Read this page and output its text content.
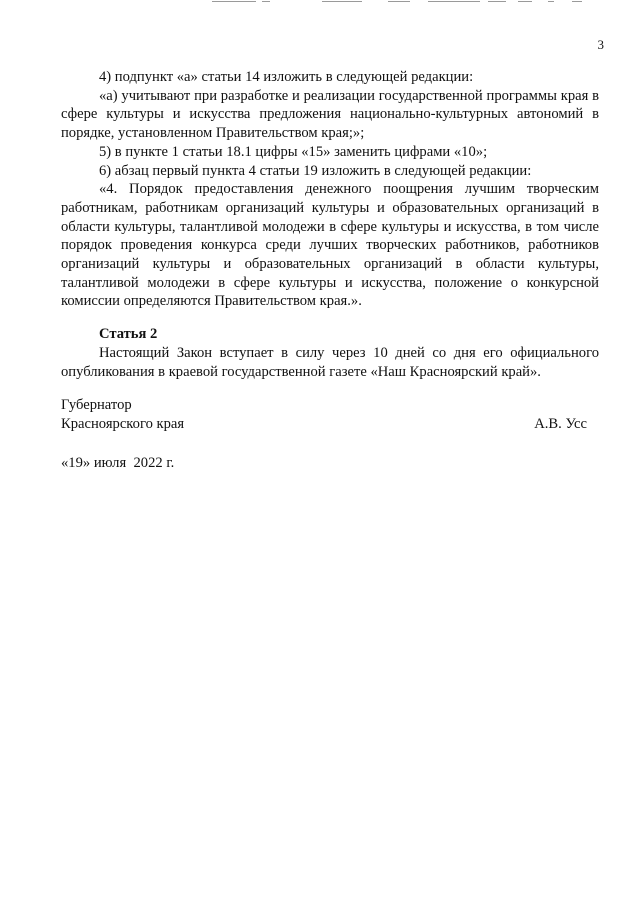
3

4) подпункт «а» статьи 14 изложить в следующей редакции:

«а) учитывают при разработке и реализации государственной программы края в сфере культуры и искусства предложения национально-культурных автономий в порядке, установленном Правительством края;»;

5) в пункте 1 статьи 18.1 цифры «15» заменить цифрами «10»;

6) абзац первый пункта 4 статьи 19 изложить в следующей редакции:

«4. Порядок предоставления денежного поощрения лучшим творческим работникам, работникам организаций культуры и образовательных организаций в области культуры, талантливой молодежи в сфере культуры и искусства, в том числе порядок проведения конкурса среди лучших творческих работников, работников организаций культуры и образовательных организаций в области культуры, талантливой молодежи в сфере культуры и искусства, положение о конкурсной комиссии определяются Правительством края.».

Статья 2

Настоящий Закон вступает в силу через 10 дней со дня его официального опубликования в краевой государственной газете «Наш Красноярский край».

Губернатор
Красноярского края	А.В. Усс
«19» июля  2022 г.
